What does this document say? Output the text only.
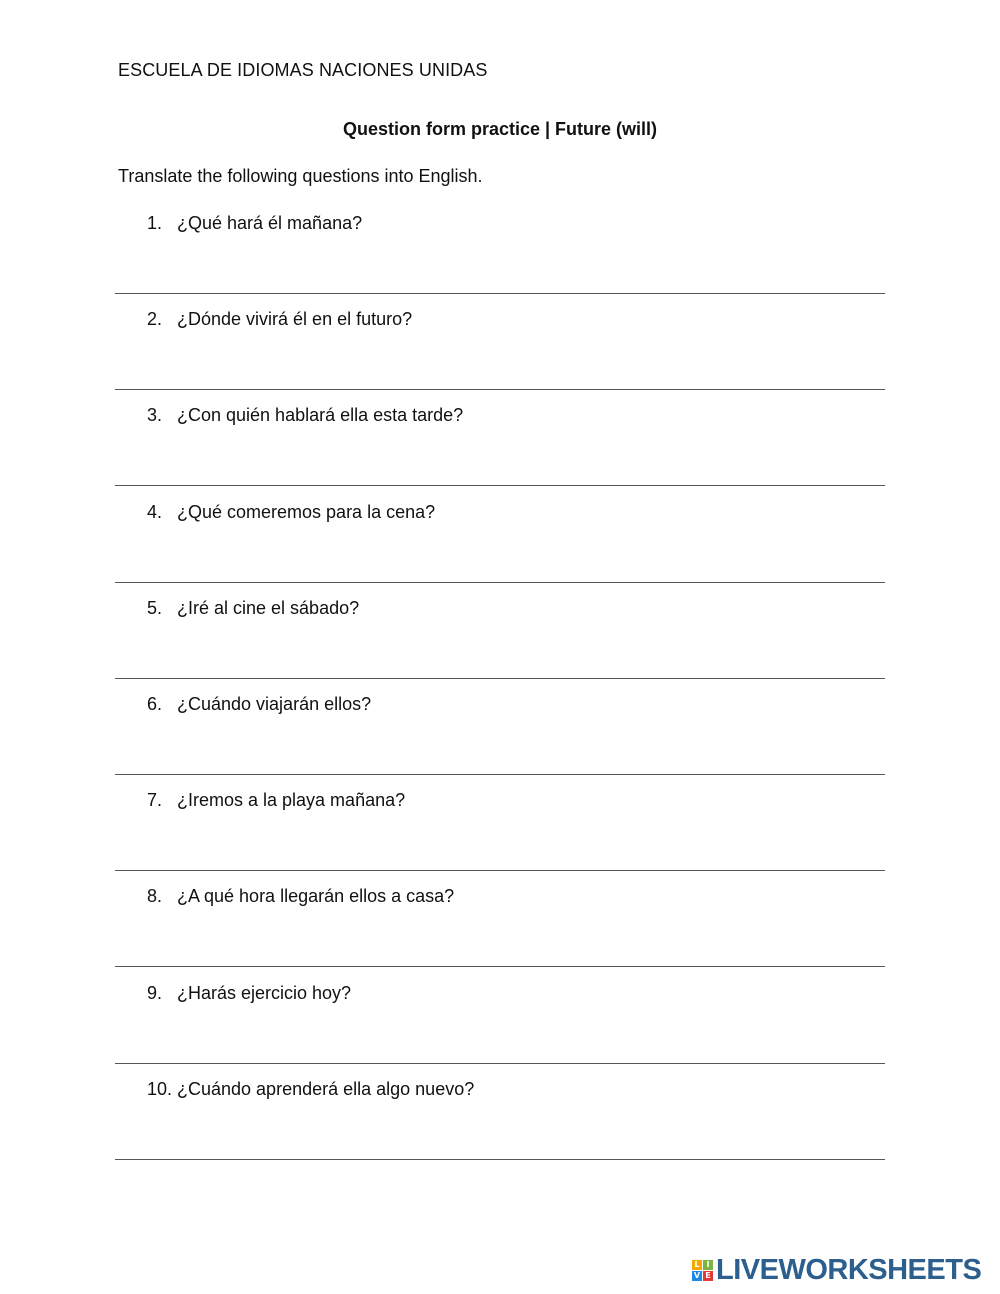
ESCUELA DE IDIOMAS NACIONES UNIDAS
Question form practice | Future (will)
Translate the following questions into English.
1. ¿Qué hará él mañana?
2. ¿Dónde vivirá él en el futuro?
3. ¿Con quién hablará ella esta tarde?
4. ¿Qué comeremos para la cena?
5. ¿Iré al cine el sábado?
6. ¿Cuándo viajarán ellos?
7. ¿Iremos a la playa mañana?
8. ¿A qué hora llegarán ellos a casa?
9. ¿Harás ejercicio hoy?
10. ¿Cuándo aprenderá ella algo nuevo?
L I
V E LIVEWORKSHEETS
